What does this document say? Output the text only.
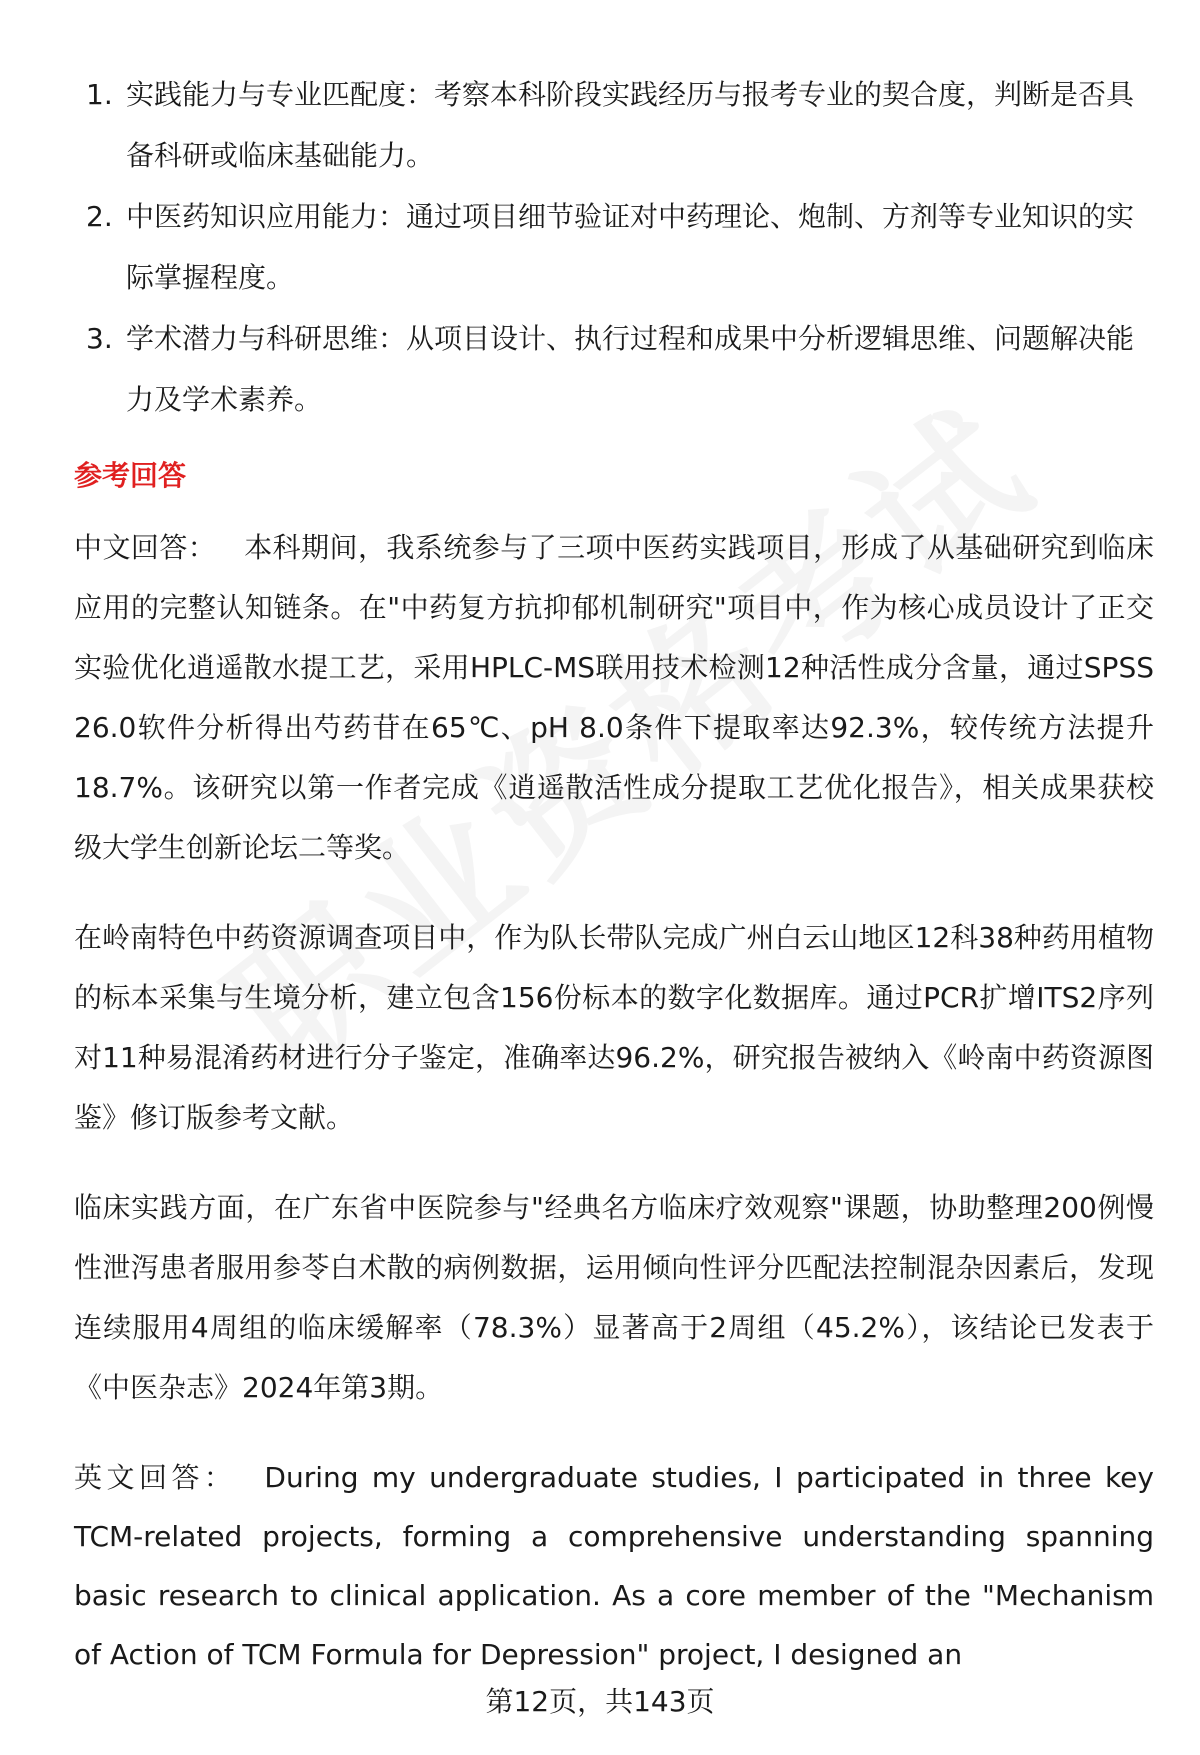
1. 实践能力与专业匹配度：考察本科阶段实践经历与报考专业的契合度，判断是否具备科研或临床基础能力。
2. 中医药知识应用能力：通过项目细节验证对中药理论、炮制、方剂等专业知识的实际掌握程度。
3. 学术潜力与科研思维：从项目设计、执行过程和成果中分析逻辑思维、问题解决能力及学术素养。
参考回答

中文回答： 本科期间，我系统参与了三项中医药实践项目，形成了从基础研究到临床应用的完整认知链条。在"中药复方抗抑郁机制研究"项目中，作为核心成员设计了正交实验优化逍遥散水提工艺，采用HPLC-MS联用技术检测12种活性成分含量，通过SPSS 26.0软件分析得出芍药苷在65℃、pH 8.0条件下提取率达92.3%，较传统方法提升18.7%。该研究以第一作者完成《逍遥散活性成分提取工艺优化报告》，相关成果获校级大学生创新论坛二等奖。

在岭南特色中药资源调查项目中，作为队长带队完成广州白云山地区12科38种药用植物的标本采集与生境分析，建立包含156份标本的数字化数据库。通过PCR扩增ITS2序列对11种易混淆药材进行分子鉴定，准确率达96.2%，研究报告被纳入《岭南中药资源图鉴》修订版参考文献。

临床实践方面，在广东省中医院参与"经典名方临床疗效观察"课题，协助整理200例慢性泄泻患者服用参苓白术散的病例数据，运用倾向性评分匹配法控制混杂因素后，发现连续服用4周组的临床缓解率（78.3%）显著高于2周组（45.2%），该结论已发表于《中医杂志》2024年第3期。

英文回答： During my undergraduate studies, I participated in three key TCM-related projects, forming a comprehensive understanding spanning basic research to clinical application. As a core member of the "Mechanism of Action of TCM Formula for Depression" project, I designed an

第12页，共143页
